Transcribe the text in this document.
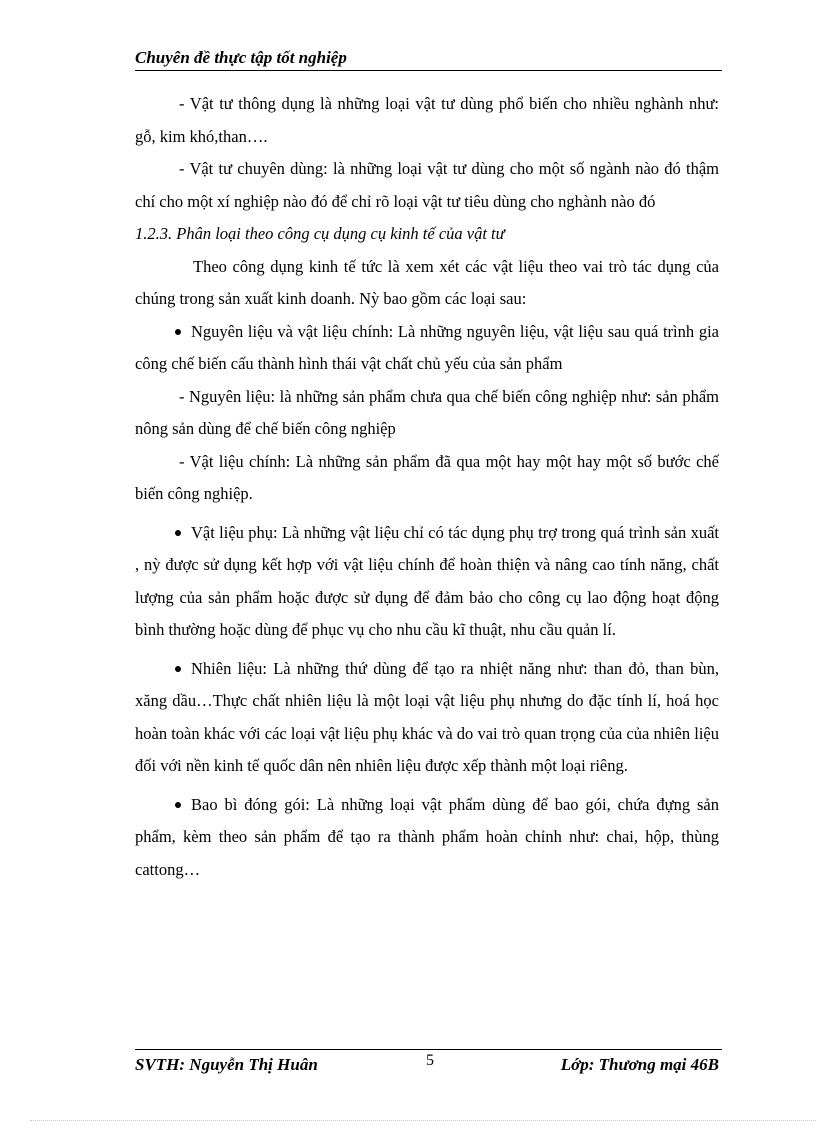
Chuyên đề thực tập tốt nghiệp

- Vật tư thông dụng là những loại vật tư dùng phổ biến cho nhiều nghành như: gỗ, kim khó,than….

- Vật tư chuyên dùng: là những loại vật tư dùng cho một số ngành nào đó thậm chí cho một xí nghiệp nào đó để chỉ rõ loại vật tư tiêu dùng cho nghành nào đó

1.2.3. Phân loại theo công cụ dụng cụ kinh tế của vật tư

Theo công dụng kinh tế tức là xem xét các vật liệu theo vai trò tác dụng của chúng trong sản xuất kinh doanh. Nỳ bao gồm các loại sau:

Nguyên liệu và vật liệu chính: Là những nguyên liệu, vật liệu sau quá trình gia công chế biến cấu thành hình thái vật chất chủ yếu của sản phẩm

- Nguyên liệu: là những sản phẩm chưa qua chế biến công nghiệp như: sản phẩm nông sản dùng để chế biến công nghiệp

- Vật liệu chính: Là những sản phẩm đã qua một hay một hay một số bước chế biến công nghiệp.

Vật liệu phụ: Là những vật liệu chỉ có tác dụng phụ trợ trong quá trình sản xuất , nỳ được sử dụng kết hợp với vật liệu chính để hoàn thiện và nâng cao tính năng, chất lượng của sản phẩm hoặc được sử dụng để đảm bảo cho công cụ lao động hoạt động bình thường hoặc dùng để phục vụ cho nhu cầu kĩ thuật, nhu cầu quản lí.

Nhiên liệu: Là những thứ dùng để tạo ra nhiệt năng như: than đỏ, than bùn, xăng dầu…Thực chất nhiên liệu là một loại vật liệu phụ nhưng do đặc tính lí, hoá học hoàn toàn khác với các loại vật liệu phụ khác và do vai trò quan trọng của của nhiên liệu đối với nền kinh tế quốc dân nên nhiên liệu được xếp thành một loại riêng.

Bao bì đóng gói: Là những loại vật phẩm dùng để bao gói, chứa đựng sản phẩm, kèm theo sản phẩm để tạo ra thành phẩm hoàn chỉnh như: chai, hộp, thùng cattong…

SVTH: Nguyễn Thị Huân	5	Lớp: Thương mại 46B
